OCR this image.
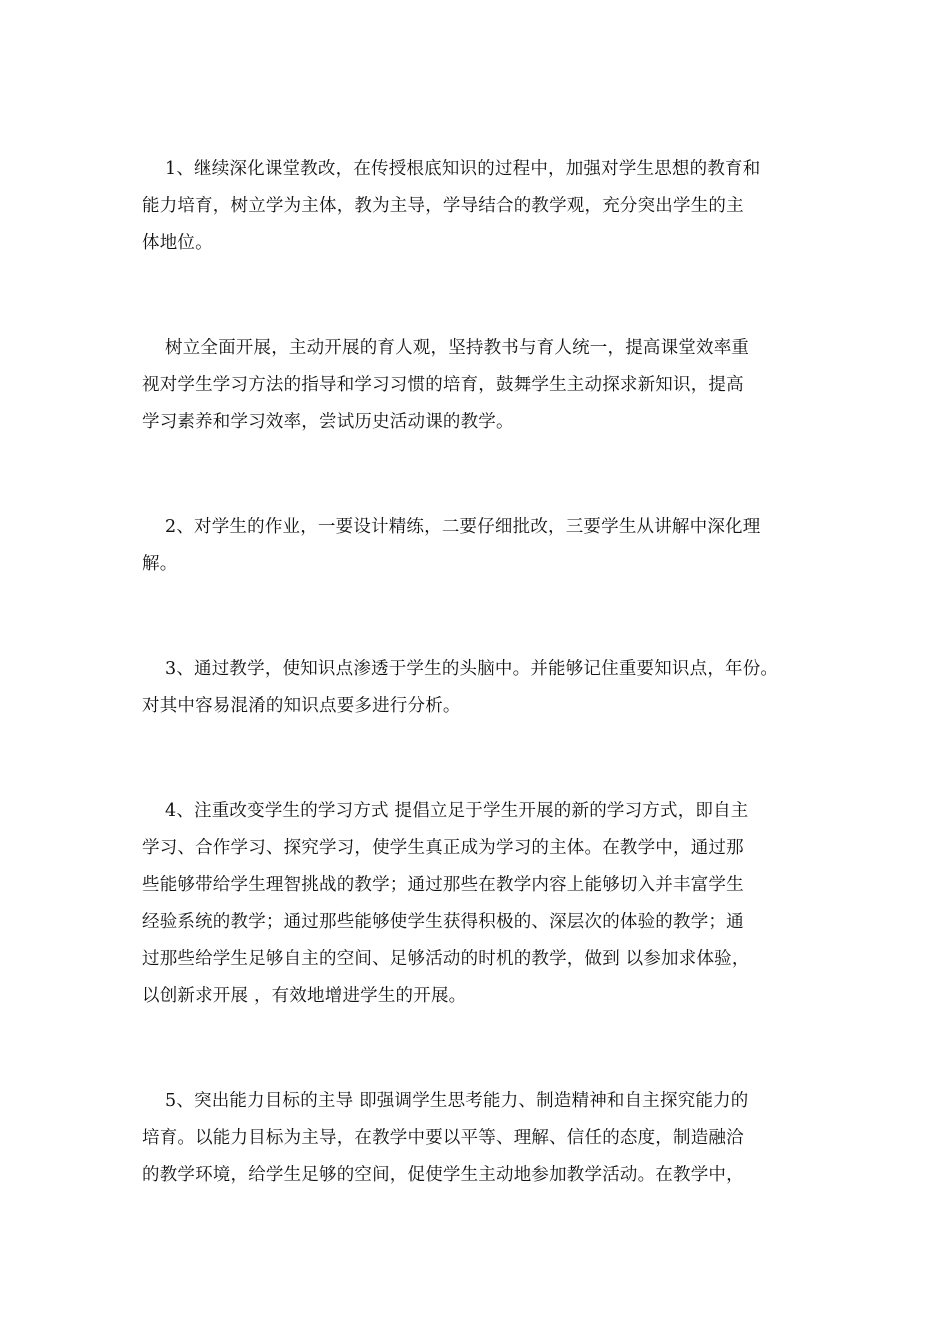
1、继续深化课堂教改，在传授根底知识的过程中，加强对学生思想的教育和
能力培育，树立学为主体，教为主导，学导结合的教学观，充分突出学生的主
体地位。
树立全面开展，主动开展的育人观，坚持教书与育人统一，提高课堂效率重
视对学生学习方法的指导和学习习惯的培育，鼓舞学生主动探求新知识，提高
学习素养和学习效率，尝试历史活动课的教学。
2、对学生的作业，一要设计精练，二要仔细批改，三要学生从讲解中深化理
解。
3、通过教学，使知识点渗透于学生的头脑中。并能够记住重要知识点，年份。
对其中容易混淆的知识点要多进行分析。
4、注重改变学生的学习方式 提倡立足于学生开展的新的学习方式，即自主
学习、合作学习、探究学习，使学生真正成为学习的主体。在教学中，通过那
些能够带给学生理智挑战的教学；通过那些在教学内容上能够切入并丰富学生
经验系统的教学；通过那些能够使学生获得积极的、深层次的体验的教学；通
过那些给学生足够自主的空间、足够活动的时机的教学，做到 以参加求体验，
以创新求开展 ，有效地增进学生的开展。
5、突出能力目标的主导 即强调学生思考能力、制造精神和自主探究能力的
培育。以能力目标为主导，在教学中要以平等、理解、信任的态度，制造融洽
的教学环境，给学生足够的空间，促使学生主动地参加教学活动。在教学中，
